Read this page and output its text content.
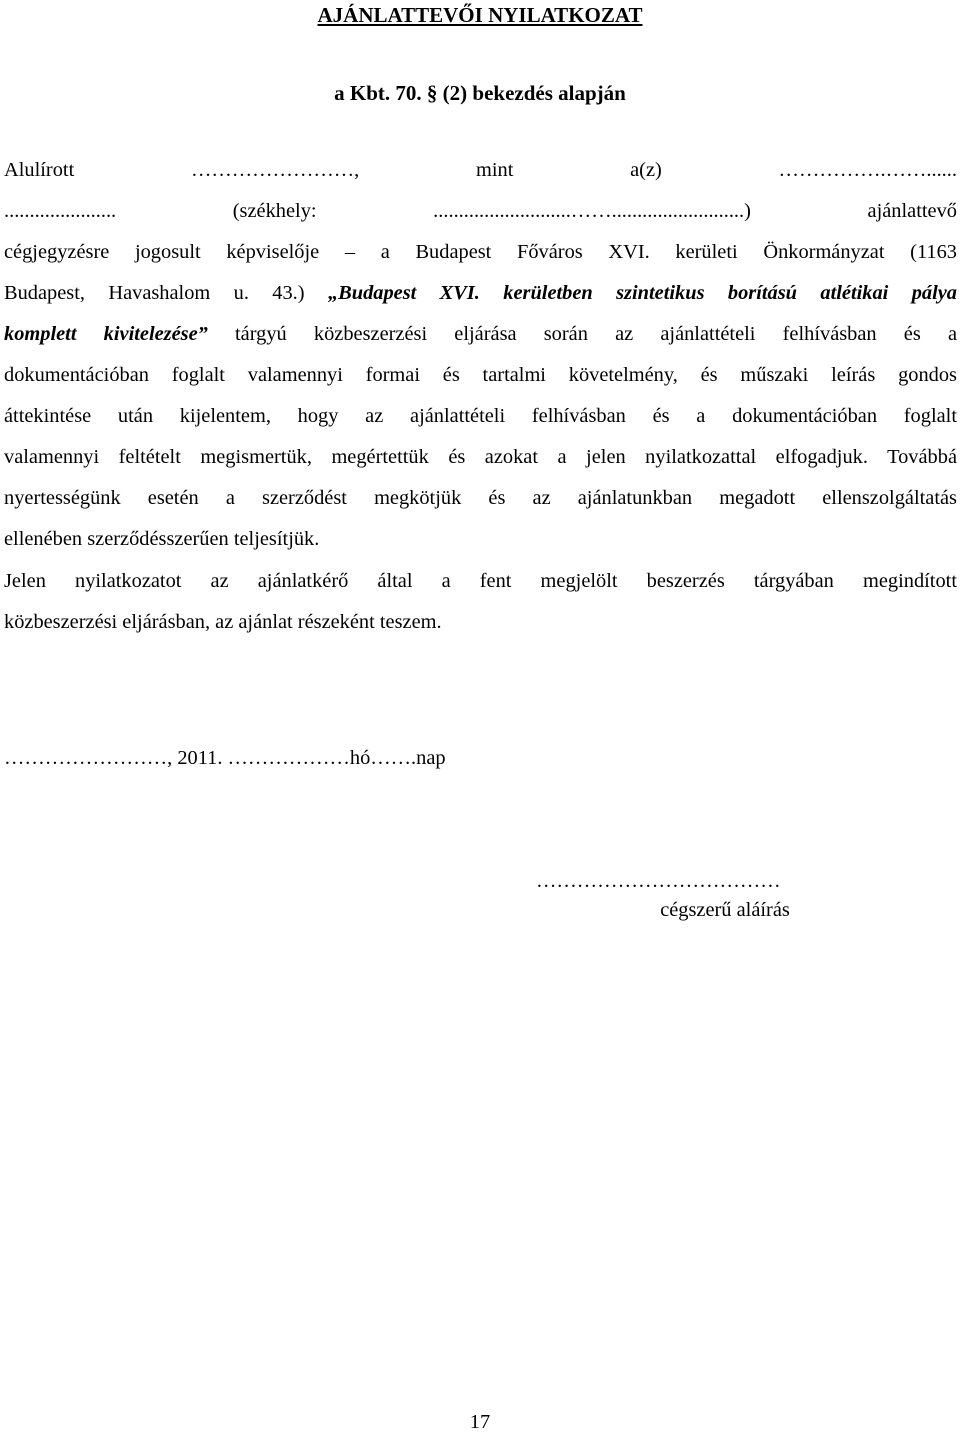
AJÁNLATTEVŐI NYILATKOZAT
a Kbt. 70. § (2) bekezdés alapján
Alulírott	……………………,	mint	a(z)	…………….……......
......................	(székhely:	...........................……..........................)	ajánlattevő
cégjegyzésre jogosult képviselője – a Budapest Főváros XVI. kerületi Önkormányzat (1163
Budapest, Havashalom u. 43.) „Budapest XVI. kerületben szintetikus borítású atlétikai pálya
komplett kivitelezése” tárgyú közbeszerzési eljárása során az ajánlattételi felhívásban és a
dokumentációban foglalt valamennyi formai és tartalmi követelmény, és műszaki leírás gondos
áttekintése után kijelentem, hogy az ajánlattételi felhívásban és a dokumentációban foglalt
valamennyi feltételt megismertük, megértettük és azokat a jelen nyilatkozattal elfogadjuk. Továbbá
nyertességünk esetén a szerződést megkötjük és az ajánlatunkban megadott ellenszolgáltatás
ellenében szerződésszerűen teljesítjük.
Jelen nyilatkozatot az ajánlatkérő által a fent megjelölt beszerzés tárgyában megindított
közbeszerzési eljárásban, az ajánlat részeként teszem.
……………………, 2011. ………………hó…….nap
………………………………
cégszerű aláírás
17
